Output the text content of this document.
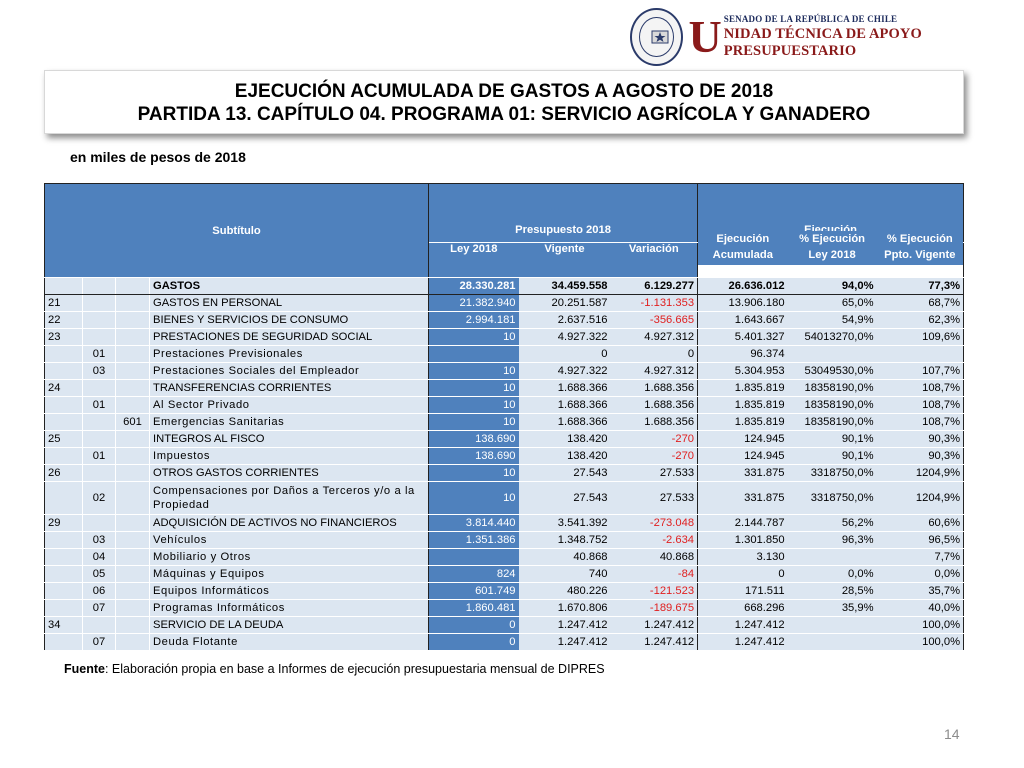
U SENADO DE LA REPÚBLICA DE CHILE
NIDAD TÉCNICA DE APOYO PRESUPUESTARIO
EJECUCIÓN ACUMULADA DE GASTOS A AGOSTO DE 2018
PARTIDA 13. CAPÍTULO 04. PROGRAMA 01: SERVICIO AGRÍCOLA Y GANADERO
en miles de pesos de 2018
Subtítulo				Presupuesto 2018	
				Ley 2018	Vigente	Variación	Ejecución Acumulada	% Ejecución Ley 2018	% Ejecución Ppto. Vigente
			GASTOS	28.330.281	34.459.558	6.129.277	26.636.012	94,0%	77,3%
21			GASTOS EN PERSONAL	21.382.940	20.251.587	-1.131.353	13.906.180	65,0%	68,7%
22			BIENES Y SERVICIOS DE CONSUMO	2.994.181	2.637.516	-356.665	1.643.667	54,9%	62,3%
23			PRESTACIONES DE SEGURIDAD SOCIAL	10	4.927.322	4.927.312	5.401.327	54013270,0%	109,6%
	01		Prestaciones Previsionales		0	0	96.374		
	03		Prestaciones Sociales del Empleador	10	4.927.322	4.927.312	5.304.953	53049530,0%	107,7%
24			TRANSFERENCIAS CORRIENTES	10	1.688.366	1.688.356	1.835.819	18358190,0%	108,7%
	01		Al Sector Privado	10	1.688.366	1.688.356	1.835.819	18358190,0%	108,7%
		601	Emergencias Sanitarias	10	1.688.366	1.688.356	1.835.819	18358190,0%	108,7%
25			INTEGROS AL FISCO	138.690	138.420	-270	124.945	90,1%	90,3%
	01		Impuestos	138.690	138.420	-270	124.945	90,1%	90,3%
26			OTROS GASTOS CORRIENTES	10	27.543	27.533	331.875	3318750,0%	1204,9%
	02		Compensaciones por Daños a Terceros y/o a la Propiedad	10	27.543	27.533	331.875	3318750,0%	1204,9%
29			ADQUISICIÓN DE ACTIVOS NO FINANCIEROS	3.814.440	3.541.392	-273.048	2.144.787	56,2%	60,6%
	03		Vehículos	1.351.386	1.348.752	-2.634	1.301.850	96,3%	96,5%
	04		Mobiliario y Otros		40.868	40.868	3.130		7,7%
	05		Máquinas y Equipos	824	740	-84	0	0,0%	0,0%
	06		Equipos Informáticos	601.749	480.226	-121.523	171.511	28,5%	35,7%
	07		Programas Informáticos	1.860.481	1.670.806	-189.675	668.296	35,9%	40,0%
34			SERVICIO DE LA DEUDA	0	1.247.412	1.247.412	1.247.412		100,0%
	07		Deuda Flotante	0	1.247.412	1.247.412	1.247.412		100,0%
Fuente: Elaboración propia en base a Informes de ejecución presupuestaria mensual de DIPRES
14
